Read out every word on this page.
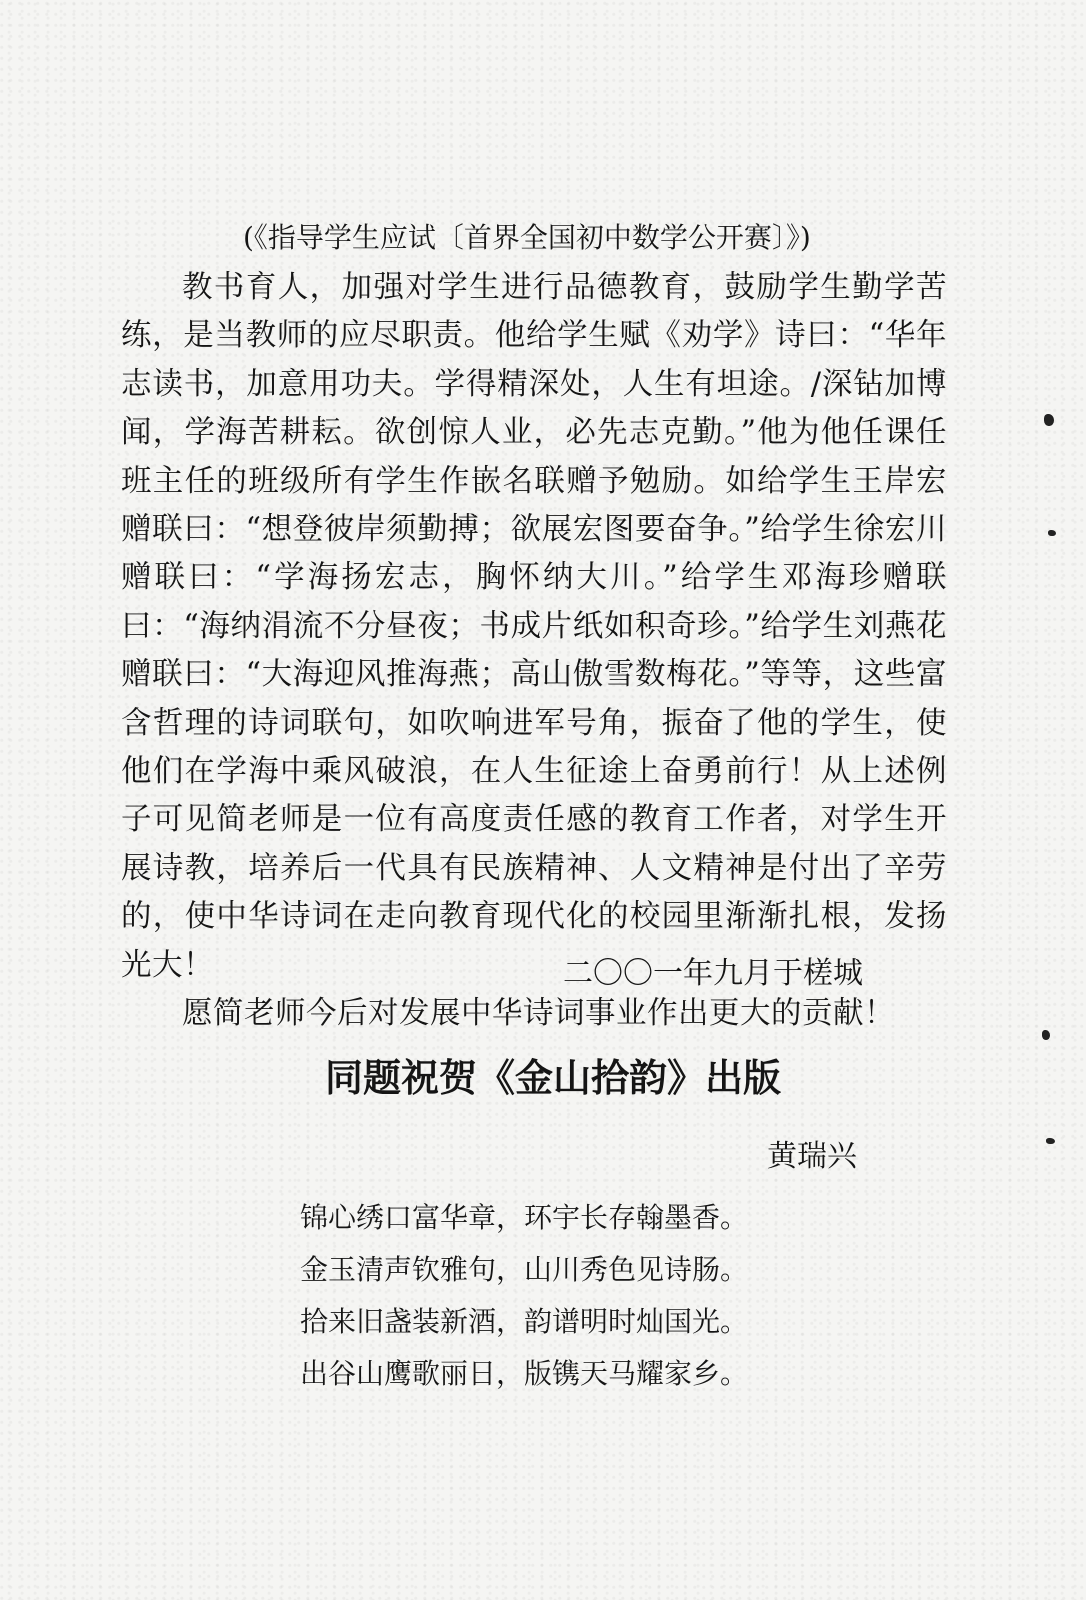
(《指导学生应试〔首界全国初中数学公开赛〕》)

教书育人，加强对学生进行品德教育，鼓励学生勤学苦练，是当教师的应尽职责。他给学生赋《劝学》诗曰：“华年志读书，加意用功夫。学得精深处，人生有坦途。/深钻加博闻，学海苦耕耘。欲创惊人业，必先志克勤。”他为他任课任班主任的班级所有学生作嵌名联赠予勉励。如给学生王岸宏赠联曰：“想登彼岸须勤搏；欲展宏图要奋争。”给学生徐宏川赠联曰：“学海扬宏志，胸怀纳大川。”给学生邓海珍赠联曰：“海纳涓流不分昼夜；书成片纸如积奇珍。”给学生刘燕花赠联曰：“大海迎风推海燕；高山傲雪数梅花。”等等，这些富含哲理的诗词联句，如吹响进军号角，振奋了他的学生，使他们在学海中乘风破浪，在人生征途上奋勇前行！从上述例子可见简老师是一位有高度责任感的教育工作者，对学生开展诗教，培养后一代具有民族精神、人文精神是付出了辛劳的，使中华诗词在走向教育现代化的校园里渐渐扎根，发扬光大！

愿简老师今后对发展中华诗词事业作出更大的贡献！

二〇〇一年九月于槎城
同题祝贺《金山拾韵》出版
黄瑞兴
锦心绣口富华章，环宇长存翰墨香。
金玉清声钦雅句，山川秀色见诗肠。
拾来旧盏装新酒，韵谱明时灿国光。
出谷山鹰歌丽日，版镌天马耀家乡。
